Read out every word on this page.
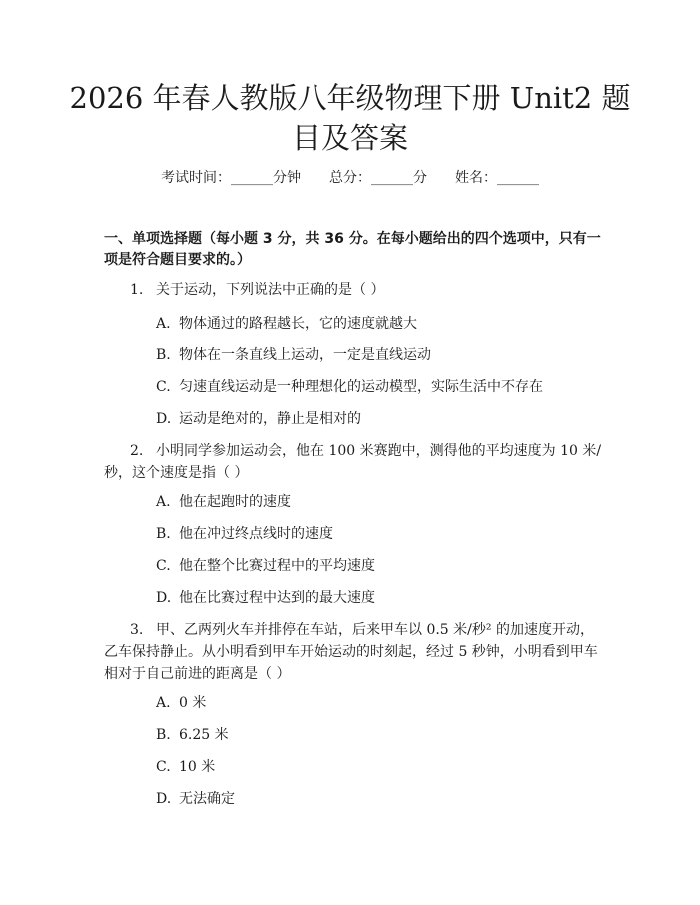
2026 年春人教版八年级物理下册 Unit2 题目及答案
考试时间：______分钟 总分：______分 姓名：______
一、单项选择题（每小题 3 分，共 36 分。在每小题给出的四个选项中，只有一项是符合题目要求的。）

1. 关于运动，下列说法中正确的是（ ）

A. 物体通过的路程越长，它的速度就越大
B. 物体在一条直线上运动，一定是直线运动
C. 匀速直线运动是一种理想化的运动模型，实际生活中不存在
D. 运动是绝对的，静止是相对的

2. 小明同学参加运动会，他在 100 米赛跑中，测得他的平均速度为 10 米/秒，这个速度是指（ ）

A. 他在起跑时的速度
B. 他在冲过终点线时的速度
C. 他在整个比赛过程中的平均速度
D. 他在比赛过程中达到的最大速度

3. 甲、乙两列火车并排停在车站，后来甲车以 0.5 米/秒² 的加速度开动，乙车保持静止。从小明看到甲车开始运动的时刻起，经过 5 秒钟，小明看到甲车相对于自己前进的距离是（ ）

A. 0 米
B. 6.25 米
C. 10 米
D. 无法确定
